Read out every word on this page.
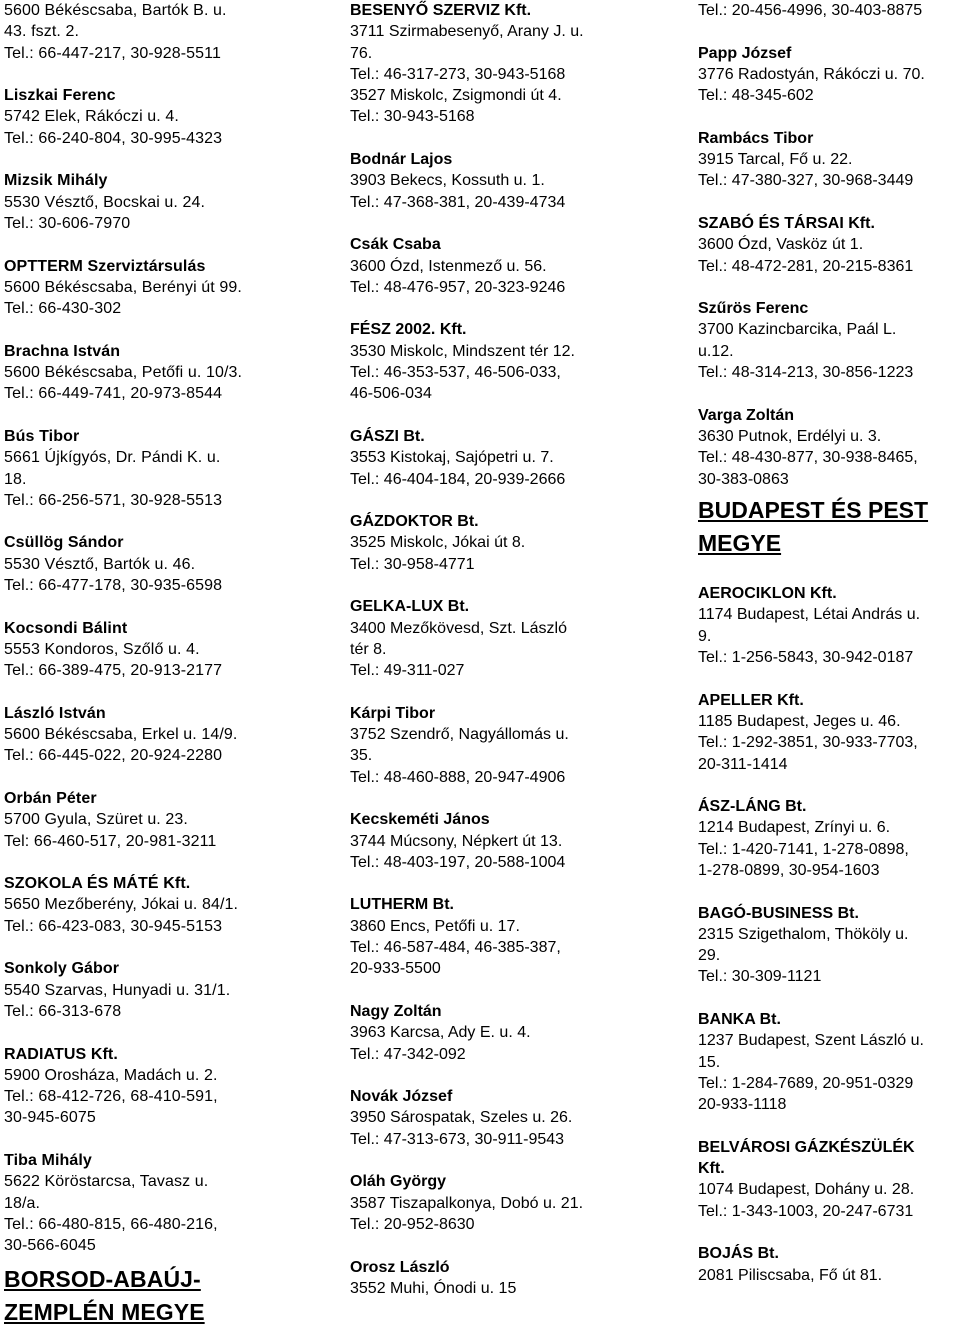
5600 Békéscsaba, Bartók B. u.
43. fszt. 2.
Tel.: 66-447-217, 30-928-5511
Liszkai Ferenc
5742 Elek, Rákóczi u. 4.
Tel.: 66-240-804, 30-995-4323
Mizsik Mihály
5530 Vésztő, Bocskai u. 24.
Tel.: 30-606-7970
OPTTERM Szerviztársulás
5600 Békéscsaba, Berényi út 99.
Tel.: 66-430-302
Brachna István
5600 Békéscsaba, Petőfi u. 10/3.
Tel.: 66-449-741, 20-973-8544
Bús Tibor
5661 Újkígyós, Dr. Pándi K. u.
18.
Tel.: 66-256-571, 30-928-5513
Csüllög Sándor
5530 Vésztő, Bartók u. 46.
Tel.: 66-477-178, 30-935-6598
Kocsondi Bálint
5553 Kondoros, Szőlő u. 4.
Tel.: 66-389-475, 20-913-2177
László István
5600 Békéscsaba, Erkel u. 14/9.
Tel.: 66-445-022, 20-924-2280
Orbán Péter
5700 Gyula, Szüret u. 23.
Tel: 66-460-517, 20-981-3211
SZOKOLA ÉS MÁTÉ Kft.
5650 Mezőberény, Jókai u. 84/1.
Tel.: 66-423-083, 30-945-5153
Sonkoly Gábor
5540 Szarvas, Hunyadi u. 31/1.
Tel.: 66-313-678
RADIATUS Kft.
5900 Orosháza, Madách u. 2.
Tel.: 68-412-726, 68-410-591,
30-945-6075
Tiba Mihály
5622 Köröstarcsa, Tavasz u.
18/a.
Tel.: 66-480-815, 66-480-216,
30-566-6045
BORSOD-ABAÚJ-
ZEMPLÉN MEGYE
BESENYŐ SZERVIZ Kft.
3711 Szirmabesenyő, Arany J. u.
76.
Tel.: 46-317-273, 30-943-5168
3527 Miskolc, Zsigmondi út 4.
Tel.: 30-943-5168
Bodnár Lajos
3903 Bekecs, Kossuth u. 1.
Tel.: 47-368-381, 20-439-4734
Csák Csaba
3600 Ózd, Istenmező u. 56.
Tel.: 48-476-957, 20-323-9246
FÉSZ 2002. Kft.
3530 Miskolc, Mindszent tér 12.
Tel.: 46-353-537, 46-506-033,
46-506-034
GÁSZI Bt.
3553 Kistokaj, Sajópetri u. 7.
Tel.: 46-404-184, 20-939-2666
GÁZDOKTOR Bt.
3525 Miskolc, Jókai út 8.
Tel.: 30-958-4771
GELKA-LUX Bt.
3400 Mezőkövesd, Szt. László
tér 8.
Tel.: 49-311-027
Kárpi Tibor
3752 Szendrő, Nagyállomás u.
35.
Tel.: 48-460-888, 20-947-4906
Kecskeméti János
3744 Múcsony, Népkert út 13.
Tel.: 48-403-197, 20-588-1004
LUTHERM Bt.
3860 Encs, Petőfi u. 17.
Tel.: 46-587-484, 46-385-387,
20-933-5500
Nagy Zoltán
3963 Karcsa, Ady E. u. 4.
Tel.: 47-342-092
Novák József
3950 Sárospatak, Szeles u. 26.
Tel.: 47-313-673, 30-911-9543
Oláh György
3587 Tiszapalkonya, Dobó u. 21.
Tel.: 20-952-8630
Orosz László
3552 Muhi, Ónodi u. 15
Tel.: 20-456-4996, 30-403-8875
Papp József
3776 Radostyán, Rákóczi u. 70.
Tel.: 48-345-602
Rambács Tibor
3915 Tarcal, Fő u. 22.
Tel.: 47-380-327, 30-968-3449
SZABÓ ÉS TÁRSAI Kft.
3600 Ózd, Vasköz út 1.
Tel.: 48-472-281, 20-215-8361
Szűrös Ferenc
3700 Kazincbarcika, Paál L.
u.12.
Tel.: 48-314-213, 30-856-1223
Varga Zoltán
3630 Putnok, Erdélyi u. 3.
Tel.: 48-430-877, 30-938-8465,
30-383-0863
BUDAPEST ÉS PEST
MEGYE
AEROCIKLON Kft.
1174 Budapest, Létai András u.
9.
Tel.: 1-256-5843, 30-942-0187
APELLER Kft.
1185 Budapest, Jeges u. 46.
Tel.: 1-292-3851, 30-933-7703,
20-311-1414
ÁSZ-LÁNG Bt.
1214 Budapest, Zrínyi u. 6.
Tel.: 1-420-7141, 1-278-0898,
1-278-0899, 30-954-1603
BAGÓ-BUSINESS Bt.
2315 Szigethalom, Thököly u.
29.
Tel.: 30-309-1121
BANKA Bt.
1237 Budapest, Szent László u.
15.
Tel.: 1-284-7689, 20-951-0329
20-933-1118
BELVÁROSI GÁZKÉSZÜLÉK
Kft.
1074 Budapest, Dohány u. 28.
Tel.: 1-343-1003, 20-247-6731
BOJÁS Bt.
2081 Piliscsaba, Fő út 81.
